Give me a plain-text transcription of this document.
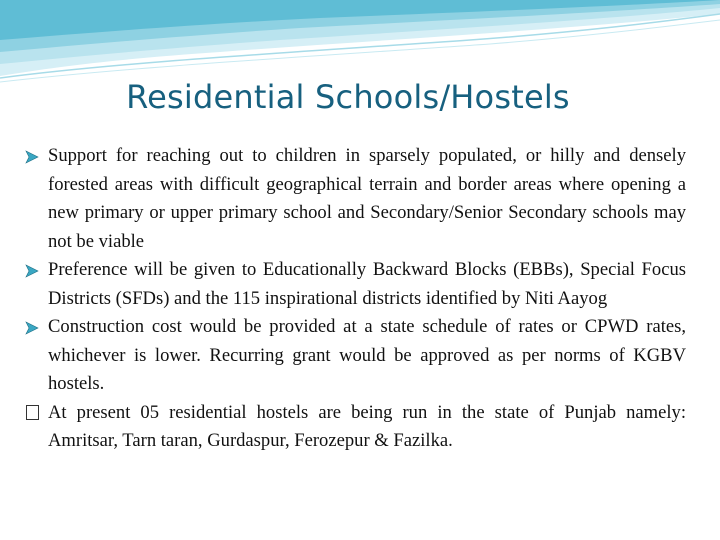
Residential Schools/Hostels

Support for reaching out to children in sparsely populated, or hilly and densely forested areas with difficult geographical terrain and border areas where opening a new primary or upper primary school and Secondary/Senior Secondary schools may not be viable

Preference will be given to Educationally Backward Blocks (EBBs), Special Focus Districts (SFDs) and the 115 inspirational districts identified by Niti Aayog

Construction cost would be provided at a state schedule of rates or CPWD rates, whichever is lower. Recurring grant would be approved as per norms of KGBV hostels.

At present 05 residential hostels are being run in the state of Punjab namely: Amritsar, Tarn taran, Gurdaspur, Ferozepur & Fazilka.
